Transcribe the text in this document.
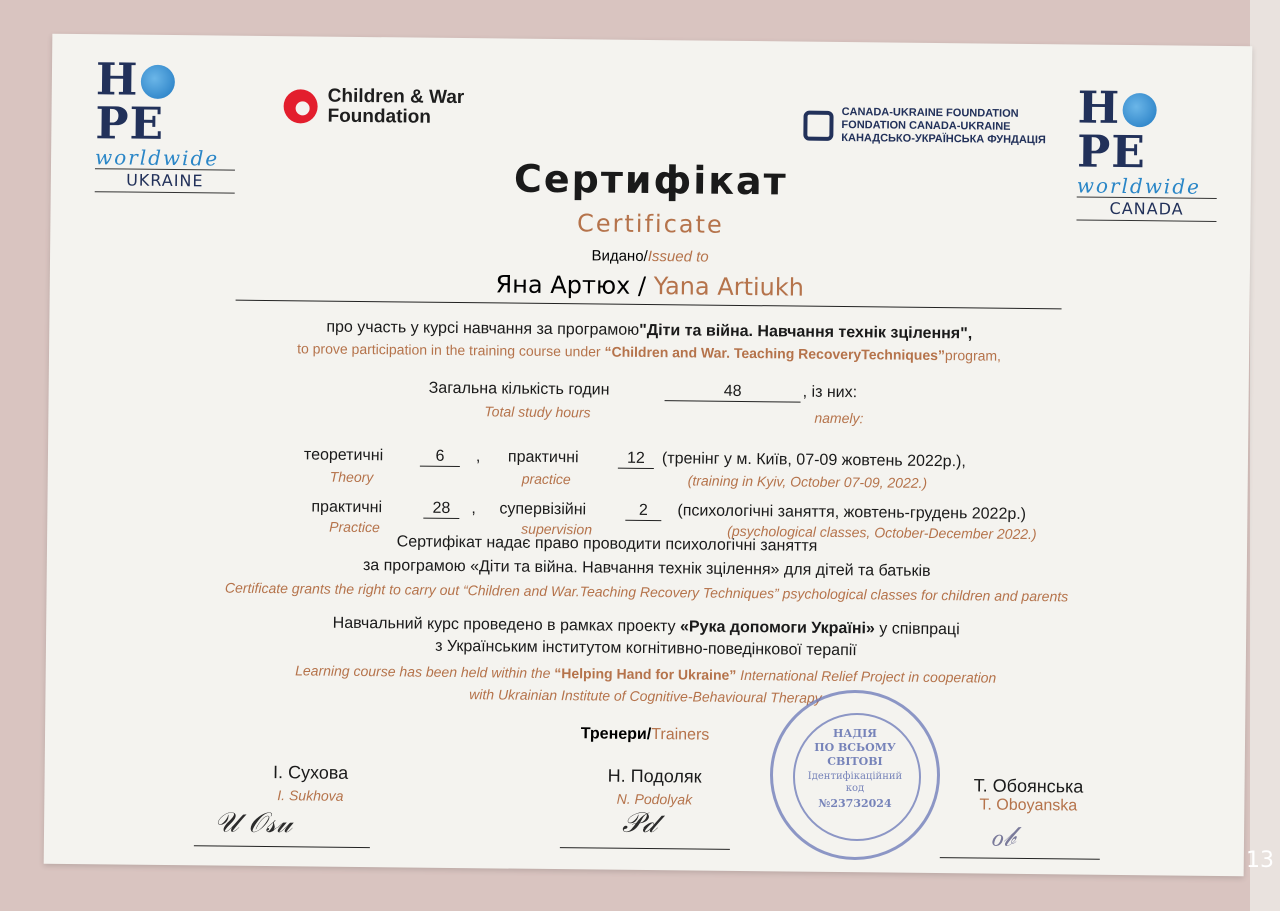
HPE
worldwide
UKRAINE
Children & War
Foundation	CANADA-UKRAINE FOUNDATION
FONDATION CANADA-UKRAINE
КАНАДСЬКО-УКРАЇНСЬКА ФУНДАЦІЯ
HPE
worldwide
CANADA
Сертифікат
Certificate
Видано/Issued to
Яна Артюх / Yana Artiukh
про участь у курсі навчання за програмою"Діти та війна. Навчання технік зцілення",
to prove participation in the training course under “Children and War. Teaching RecoveryTechniques”program,
Загальна кількість годин	48	, із них:
Total study hours	namely:
теоретичні	6	, практичні	12	(тренінг у м. Київ, 07-09 жовтень 2022р.),
Theory	practice	(training in Kyiv, October 07-09, 2022.)
практичні	28	, супервізійні	2	(психологічні заняття, жовтень-грудень 2022р.)
Practice	supervision	(psychological classes, October-December 2022.)
Сертифікат надає право проводити психологічні заняття
за програмою «Діти та війна. Навчання технік зцілення» для дітей та батьків
Certificate grants the right to carry out “Children and War.Teaching Recovery Techniques” psychological classes for children and parents
Навчальний курс проведено в рамках проекту «Рука допомоги Україні» у співпраці
з Українським інститутом когнітивно-поведінкової терапії
Learning course has been held within the “Helping Hand for Ukraine” International Relief Project in cooperation
with Ukrainian Institute of Cognitive-Behavioural Therapy
Тренери/Trainers
І. Сухова
I. Sukhova
𝒰 𝒪𝓈𝓊
Н. Подоляк
N. Podolyak
𝒫𝒹
Т. Обоянська
T. Oboyanska
ℴ𝒷
НАДІЯ
ПО ВСЬОМУ
СВІТОВІ
Ідентифікаційний
код
№23732024
13
